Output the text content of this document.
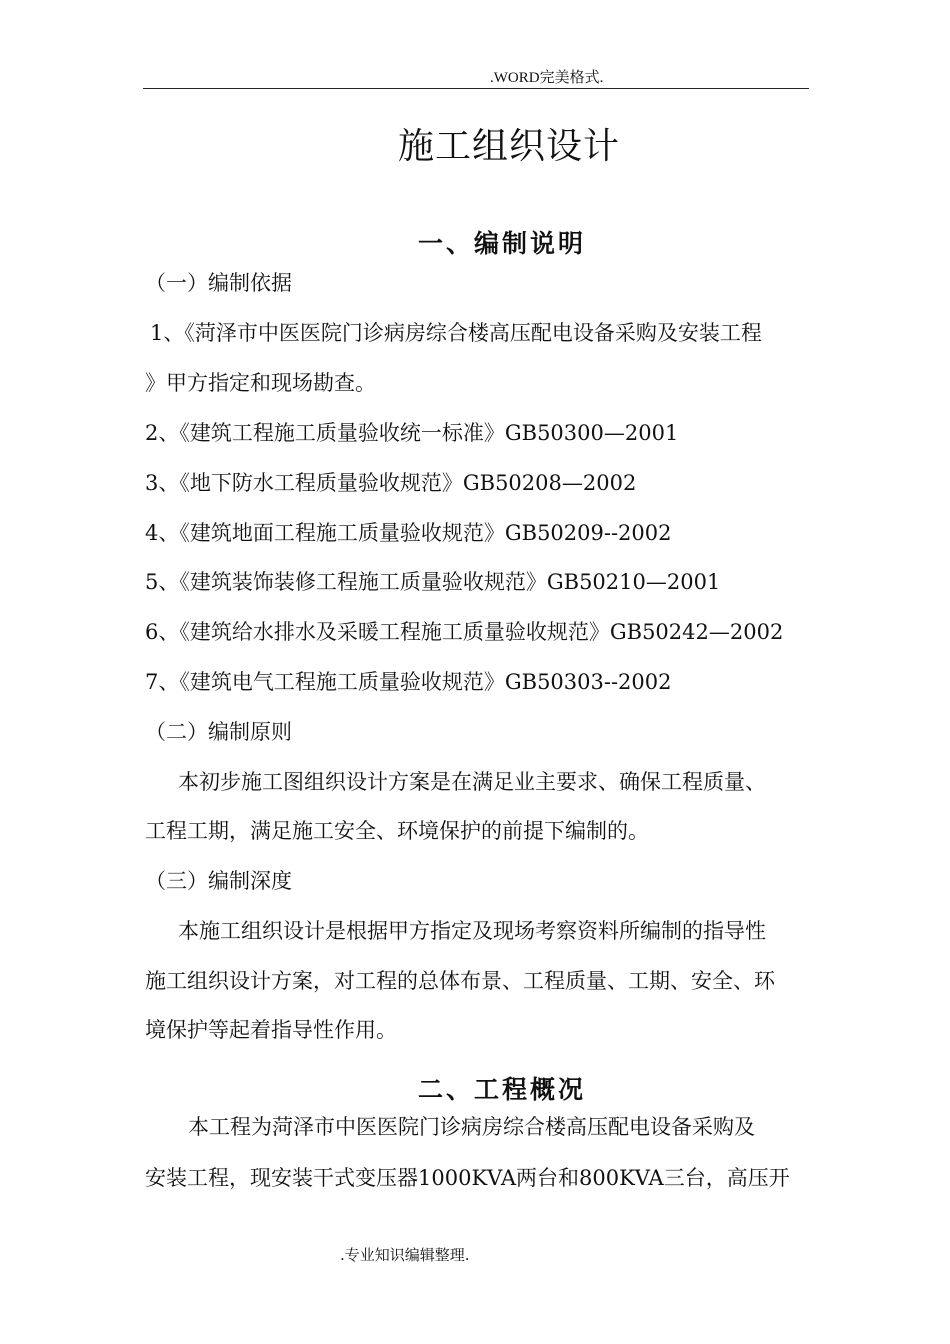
.WORD完美格式.
施工组织设计
一、编制说明
（一）编制依据
1、《菏泽市中医医院门诊病房综合楼高压配电设备采购及安装工程
》甲方指定和现场勘查。
2、《建筑工程施工质量验收统一标准》GB50300—2001
3、《地下防水工程质量验收规范》GB50208—2002
4、《建筑地面工程施工质量验收规范》GB50209--2002
5、《建筑装饰装修工程施工质量验收规范》GB50210—2001
6、《建筑给水排水及采暖工程施工质量验收规范》GB50242—2002
7、《建筑电气工程施工质量验收规范》GB50303--2002
（二）编制原则
本初步施工图组织设计方案是在满足业主要求、确保工程质量、
工程工期，满足施工安全、环境保护的前提下编制的。
（三）编制深度
本施工组织设计是根据甲方指定及现场考察资料所编制的指导性
施工组织设计方案，对工程的总体布景、工程质量、工期、安全、环
境保护等起着指导性作用。
二、工程概况
本工程为菏泽市中医医院门诊病房综合楼高压配电设备采购及
安装工程，现安装干式变压器1000KVA两台和800KVA三台，高压开
.专业知识编辑整理.
